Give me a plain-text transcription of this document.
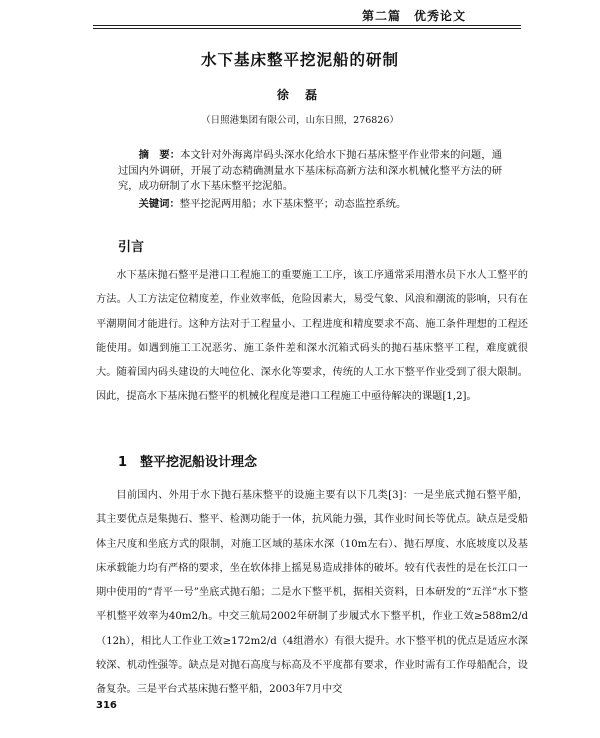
第二篇　优秀论文
水下基床整平挖泥船的研制
徐 磊
（日照港集团有限公司，山东日照，276826）
摘　要：本文针对外海离岸码头深水化给水下抛石基床整平作业带来的问题，通过国内外调研，开展了动态精确测量水下基床标高新方法和深水机械化整平方法的研究，成功研制了水下基床整平挖泥船。
关键词：整平挖泥两用船；水下基床整平；动态监控系统。
引言
水下基床抛石整平是港口工程施工的重要施工工序，该工序通常采用潜水员下水人工整平的方法。人工方法定位精度差，作业效率低，危险因素大，易受气象、风浪和潮流的影响，只有在平潮期间才能进行。这种方法对于工程量小、工程进度和精度要求不高、施工条件理想的工程还能使用。如遇到施工工况恶劣、施工条件差和深水沉箱式码头的抛石基床整平工程，难度就很大。随着国内码头建设的大吨位化、深水化等要求，传统的人工水下整平作业受到了很大限制。因此，提高水下基床抛石整平的机械化程度是港口工程施工中亟待解决的课题[1,2]。
1　整平挖泥船设计理念
目前国内、外用于水下抛石基床整平的设施主要有以下几类[3]：一是坐底式抛石整平船，其主要优点是集抛石、整平、检测功能于一体，抗风能力强，其作业时间长等优点。缺点是受船体主尺度和坐底方式的限制，对施工区域的基床水深（10m左右）、抛石厚度、水底坡度以及基床承载能力均有严格的要求，坐在软体排上摇晃易造成排体的破坏。较有代表性的是在长江口一期中使用的“青平一号”坐底式抛石船；二是水下整平机，据相关资料，日本研发的“五洋”水下整平机整平效率为40m2/h。中交三航局2002年研制了步履式水下整平机，作业工效≥588m2/d（12h），相比人工作业工效≥172m2/d（4组潜水）有很大提升。水下整平机的优点是适应水深较深、机动性强等。缺点是对抛石高度与标高及不平度都有要求，作业时需有工作母船配合，设备复杂。三是平台式基床抛石整平船，2003年7月中交
316
